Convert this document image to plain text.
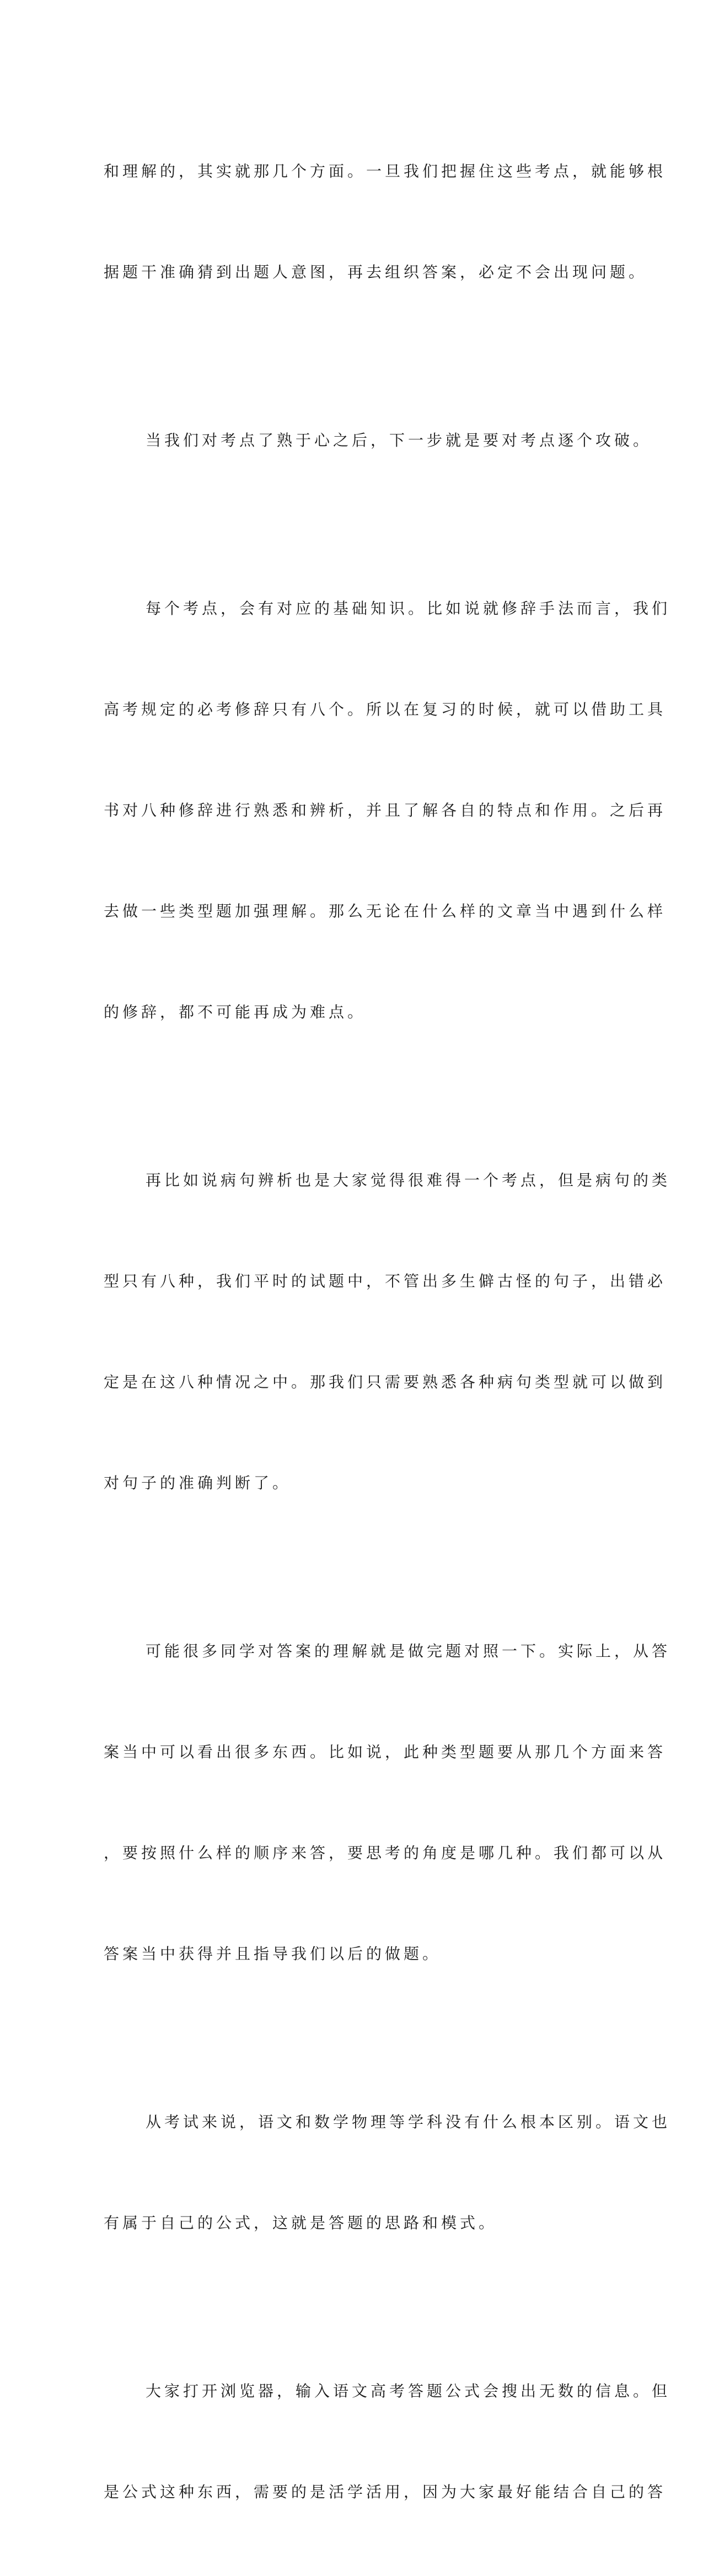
和理解的，其实就那几个方面。一旦我们把握住这些考点，就能够根

据题干准确猜到出题人意图，再去组织答案，必定不会出现问题。

当我们对考点了熟于心之后，下一步就是要对考点逐个攻破。

每个考点，会有对应的基础知识。比如说就修辞手法而言，我们

高考规定的必考修辞只有八个。所以在复习的时候，就可以借助工具

书对八种修辞进行熟悉和辨析，并且了解各自的特点和作用。之后再

去做一些类型题加强理解。那么无论在什么样的文章当中遇到什么样

的修辞，都不可能再成为难点。

再比如说病句辨析也是大家觉得很难得一个考点，但是病句的类

型只有八种，我们平时的试题中，不管出多生僻古怪的句子，出错必

定是在这八种情况之中。那我们只需要熟悉各种病句类型就可以做到

对句子的准确判断了。

可能很多同学对答案的理解就是做完题对照一下。实际上，从答

案当中可以看出很多东西。比如说，此种类型题要从那几个方面来答

，要按照什么样的顺序来答，要思考的角度是哪几种。我们都可以从

答案当中获得并且指导我们以后的做题。

从考试来说，语文和数学物理等学科没有什么根本区别。语文也

有属于自己的公式，这就是答题的思路和模式。

大家打开浏览器，输入语文高考答题公式会搜出无数的信息。但

是公式这种东西，需要的是活学活用，因为大家最好能结合自己的答
